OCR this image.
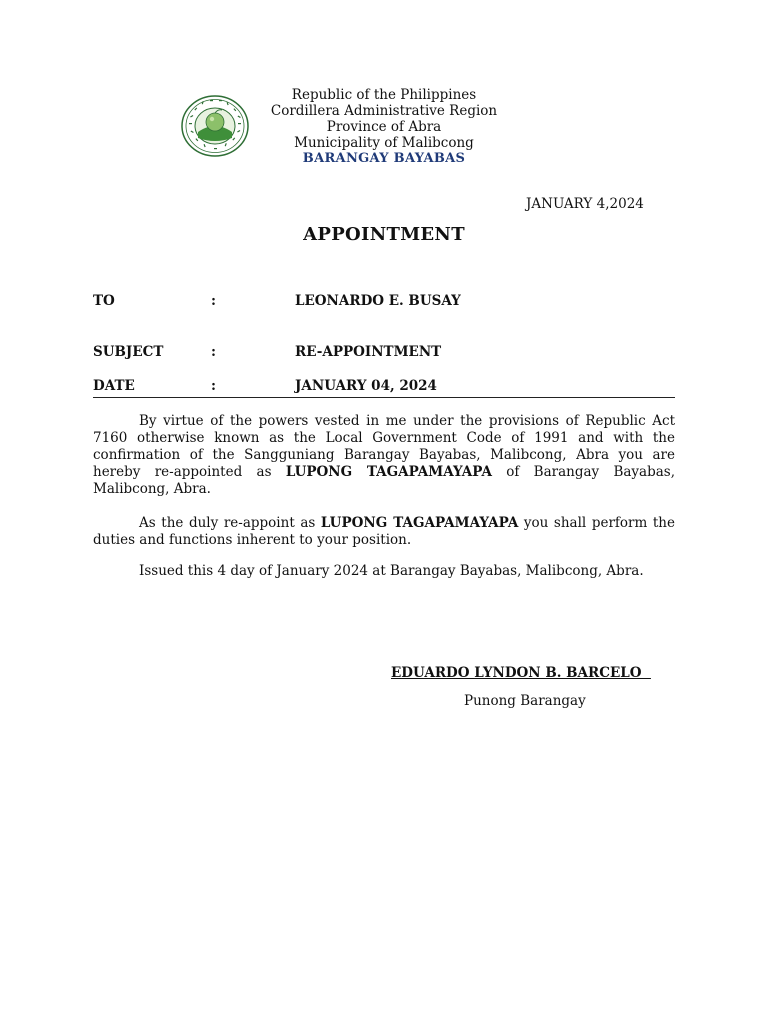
Republic of the Philippines
Cordillera Administrative Region
Province of Abra
Municipality of Malibcong
BARANGAY BAYABAS
JANUARY 4,2024
APPOINTMENT
TO	:	LEONARDO E. BUSAY
SUBJECT	:	RE-APPOINTMENT
DATE	:	JANUARY 04, 2024

By virtue of the powers vested in me under the provisions of Republic Act 7160 otherwise known as the Local Government Code of 1991 and with the confirmation of the Sangguniang Barangay Bayabas, Malibcong, Abra you are hereby re-appointed as LUPONG TAGAPAMAYAPA of Barangay Bayabas, Malibcong, Abra.

As the duly re-appoint as LUPONG TAGAPAMAYAPA you shall perform the duties and functions inherent to your position.

Issued this 4 day of January 2024 at Barangay Bayabas, Malibcong, Abra.

EDUARDO LYNDON B. BARCELO
Punong Barangay
